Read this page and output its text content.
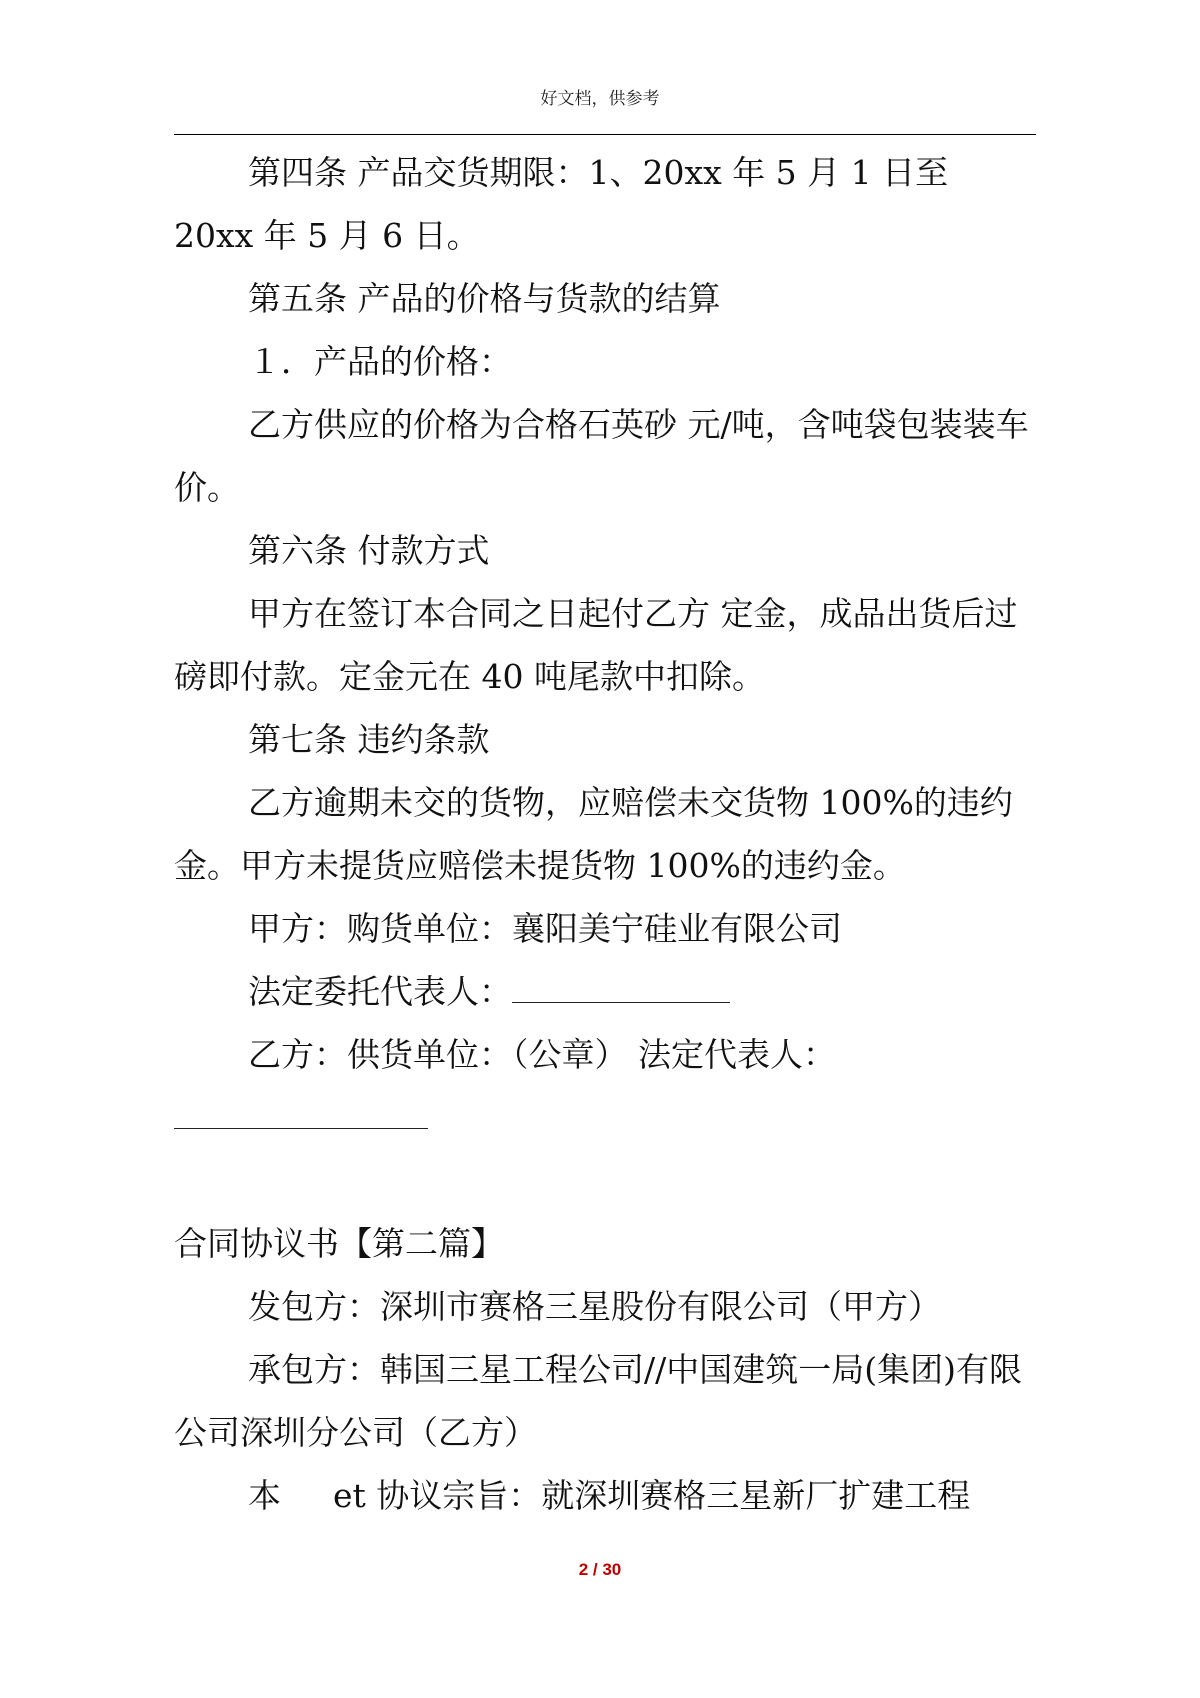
好文档，供参考

第四条 产品交货期限：1、20xx 年 5 月 1 日至 20xx 年 5 月 6 日。

第五条 产品的价格与货款的结算

１．产品的价格：

乙方供应的价格为合格石英砂 元/吨，含吨袋包装装车价。

第六条 付款方式

甲方在签订本合同之日起付乙方 定金，成品出货后过磅即付款。定金元在 40 吨尾款中扣除。

第七条 违约条款

乙方逾期未交的货物，应赔偿未交货物 100%的违约金。甲方未提货应赔偿未提货物 100%的违约金。

甲方：购货单位：襄阳美宁硅业有限公司

法定委托代表人：

乙方：供货单位：（公章） 法定代表人：

合同协议书【第二篇】

发包方：深圳市赛格三星股份有限公司（甲方）

承包方：韩国三星工程公司//中国建筑一局(集团)有限公司深圳分公司（乙方）

本 et 协议宗旨：就深圳赛格三星新厂扩建工程

2 / 30
